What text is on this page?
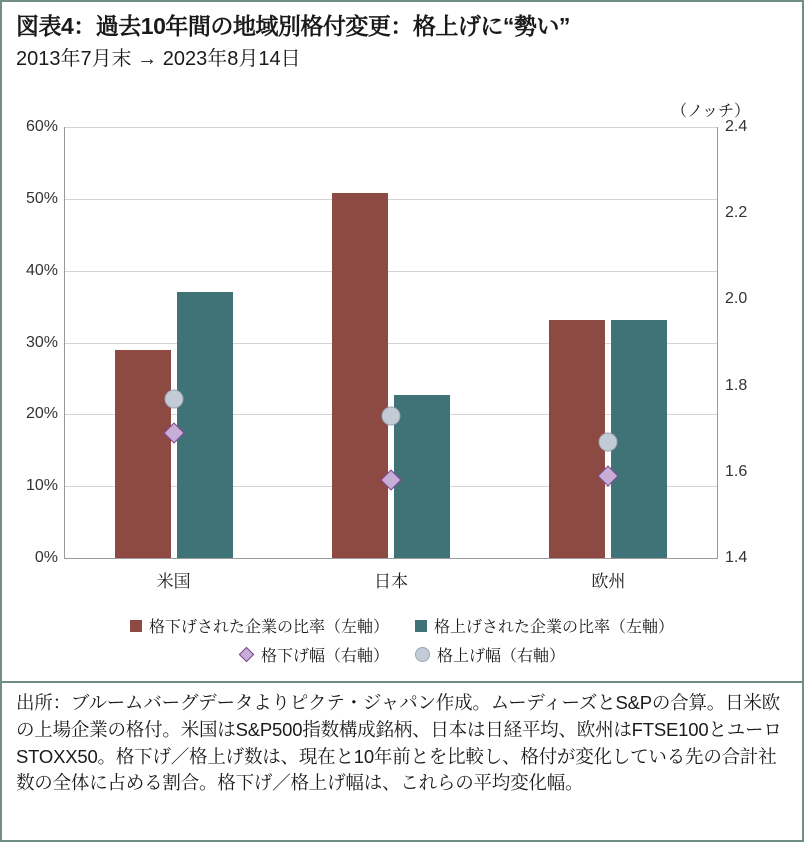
図表4：過去10年間の地域別格付変更：格上げに“勢い”
2013年7月末 → 2023年8月14日
（ノッチ）
0%
10%
20%
30%
40%
50%
60%
1.4
1.6
1.8
2.0
2.2
2.4
米国	日本	欧州
格下げされた企業の比率（左軸）	格上げされた企業の比率（左軸）
格下げ幅（右軸）	格上げ幅（右軸）
出所：ブルームバーグデータよりピクテ・ジャパン作成。ムーディーズとS&Pの合算。日米欧の上場企業の格付。米国はS&P500指数構成銘柄、日本は日経平均、欧州はFTSE100とユーロSTOXX50。格下げ／格上げ数は、現在と10年前とを比較し、格付が変化している先の合計社数の全体に占める割合。格下げ／格上げ幅は、これらの平均変化幅。
